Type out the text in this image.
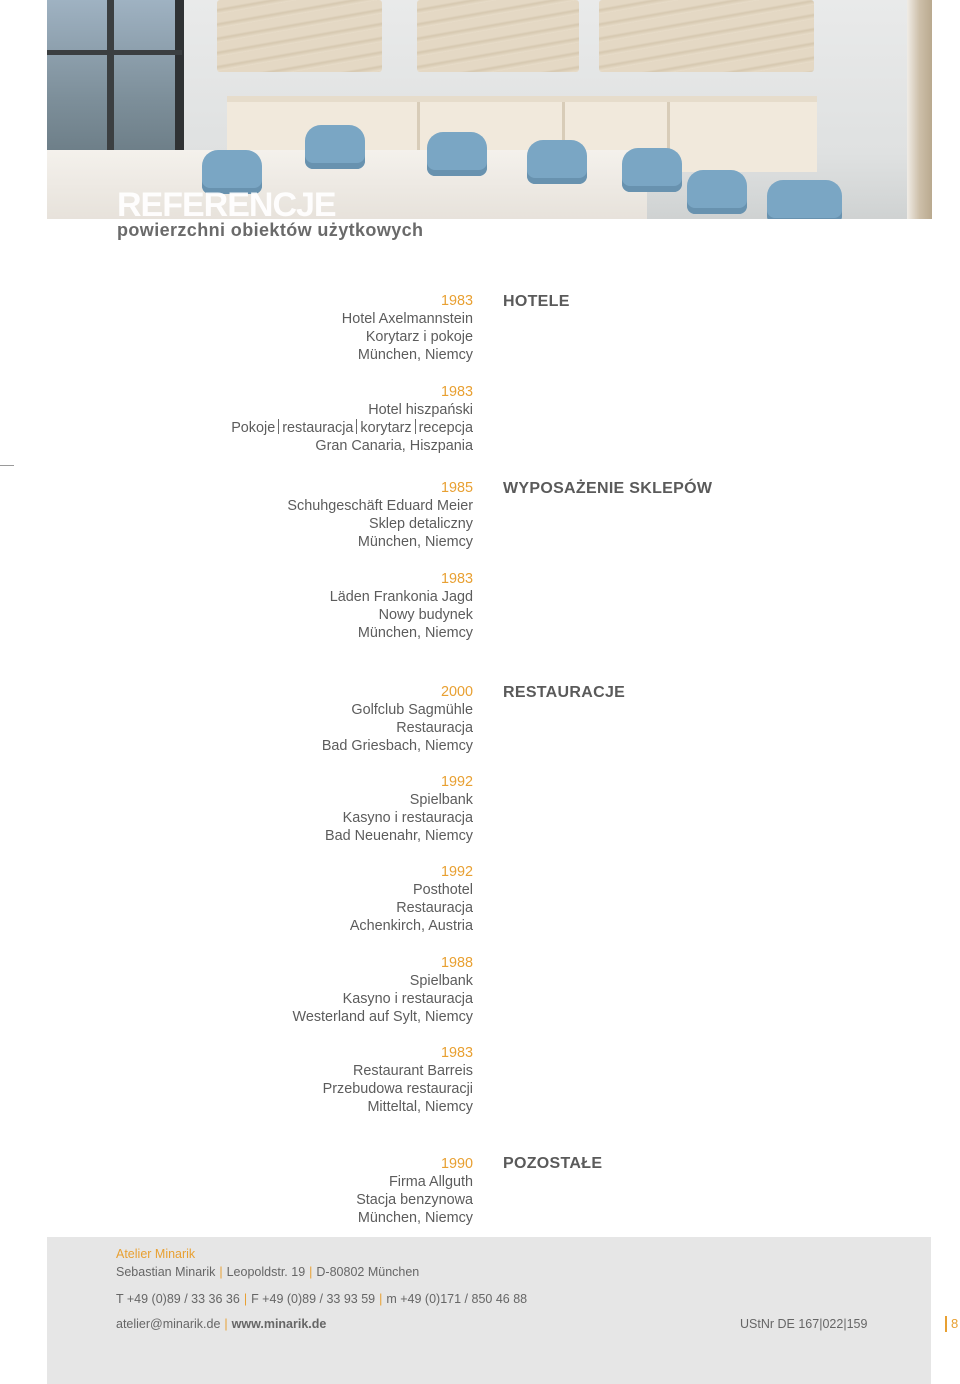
REFERENCJE
powierzchni obiektów użytkowych
HOTELE
WYPOSAŻENIE SKLEPÓW
RESTAURACJE
POZOSTAŁE
1983
Hotel Axelmannstein
Korytarz i pokoje
München, Niemcy
1983
Hotel hiszpański
Pokoje restauracja korytarz recepcja
Gran Canaria, Hiszpania
1985
Schuhgeschäft Eduard Meier
Sklep detaliczny
München, Niemcy
1983
Läden Frankonia Jagd
Nowy budynek
München, Niemcy
2000
Golfclub Sagmühle
Restauracja
Bad Griesbach, Niemcy
1992
Spielbank
Kasyno i restauracja
Bad Neuenahr, Niemcy
1992
Posthotel
Restauracja
Achenkirch, Austria
1988
Spielbank
Kasyno i restauracja
Westerland auf Sylt, Niemcy
1983
Restaurant Barreis
Przebudowa restauracji
Mitteltal, Niemcy
1990
Firma Allguth
Stacja benzynowa
München, Niemcy
Atelier Minarik
Sebastian Minarik | Leopoldstr. 19 | D-80802 München
T +49 (0)89 / 33 36 36 | F +49 (0)89 / 33 93 59 | m +49 (0)171 / 850 46 88
atelier@minarik.de | www.minarik.de	UStNr DE 167|022|159	8
